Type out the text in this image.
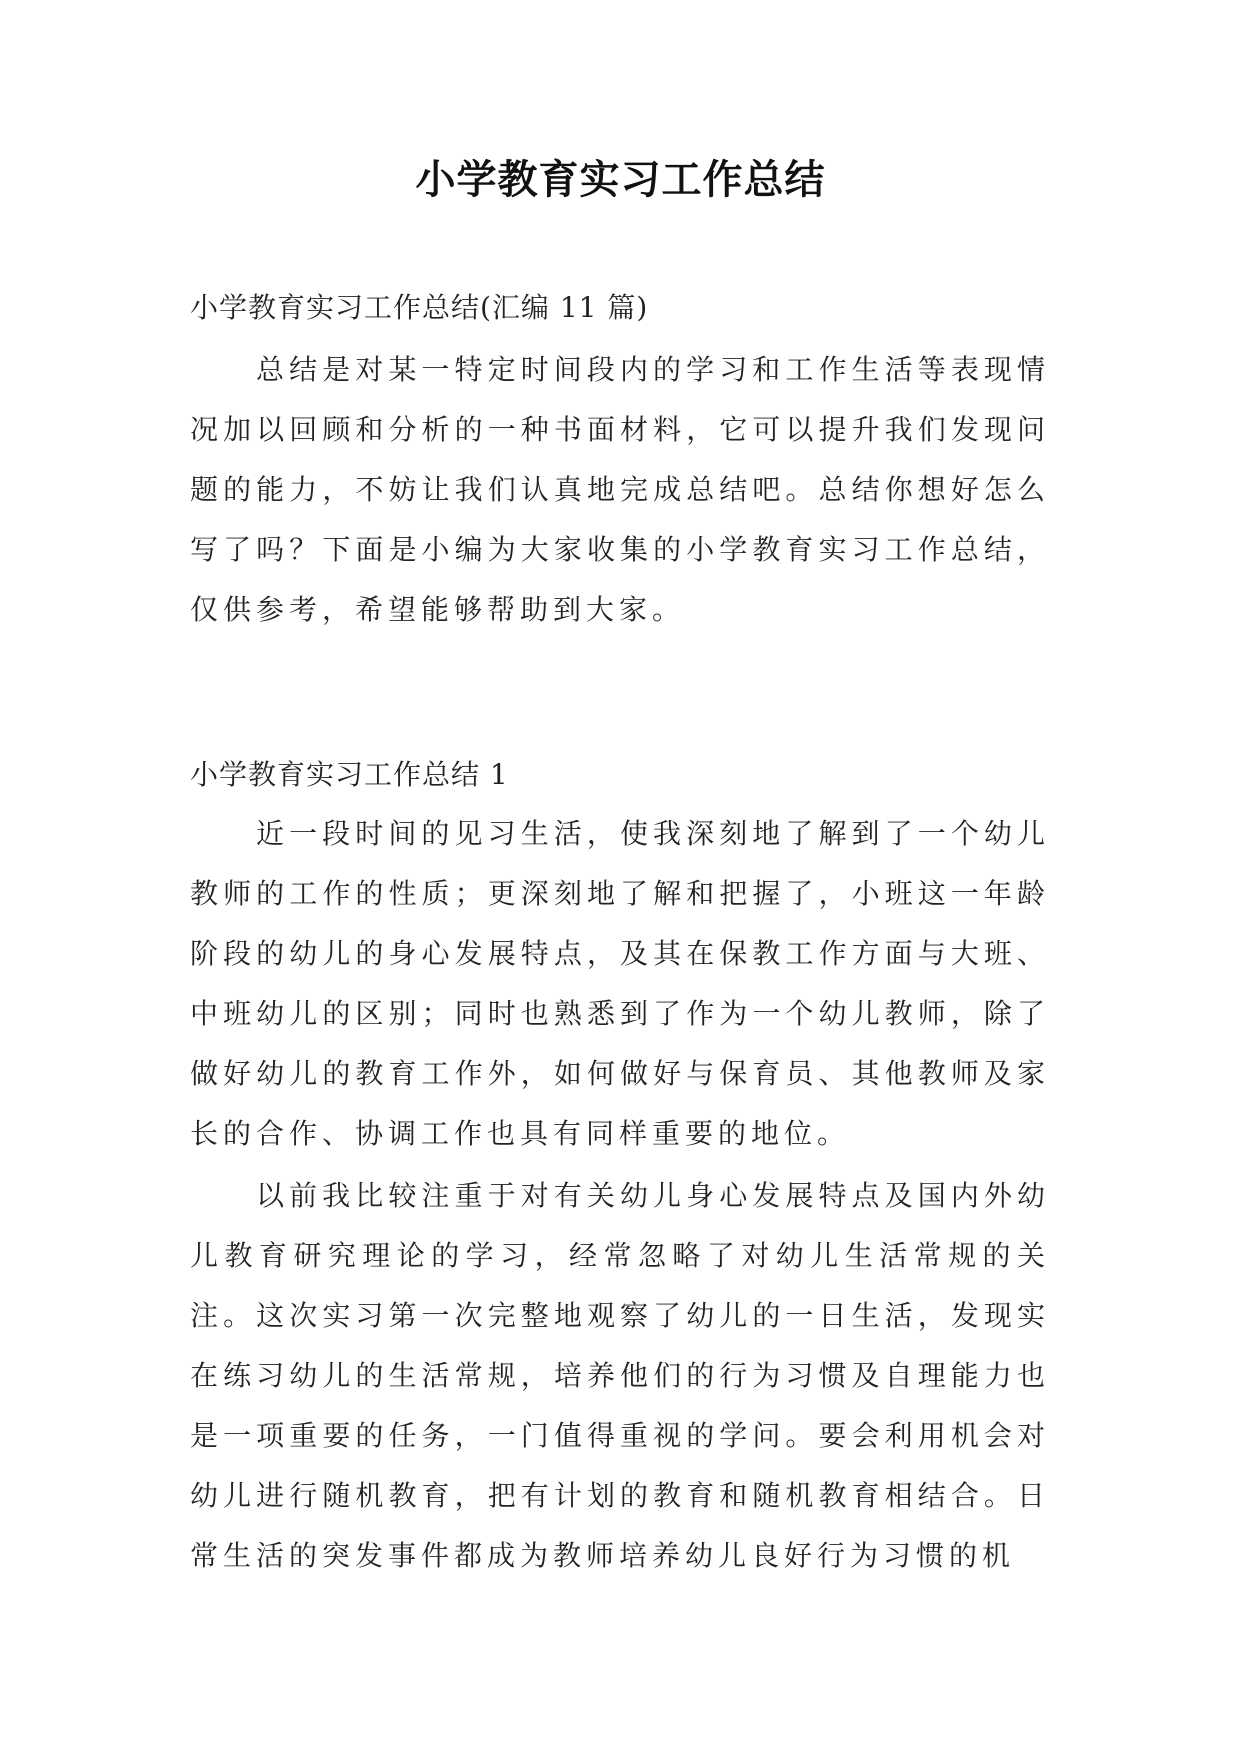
小学教育实习工作总结
小学教育实习工作总结(汇编 11 篇)

总结是对某一特定时间段内的学习和工作生活等表现情况加以回顾和分析的一种书面材料，它可以提升我们发现问题的能力，不妨让我们认真地完成总结吧。总结你想好怎么写了吗？下面是小编为大家收集的小学教育实习工作总结，仅供参考，希望能够帮助到大家。

小学教育实习工作总结 1

近一段时间的见习生活，使我深刻地了解到了一个幼儿教师的工作的性质；更深刻地了解和把握了，小班这一年龄阶段的幼儿的身心发展特点，及其在保教工作方面与大班、中班幼儿的区别；同时也熟悉到了作为一个幼儿教师，除了做好幼儿的教育工作外，如何做好与保育员、其他教师及家长的合作、协调工作也具有同样重要的地位。

以前我比较注重于对有关幼儿身心发展特点及国内外幼儿教育研究理论的学习，经常忽略了对幼儿生活常规的关注。这次实习第一次完整地观察了幼儿的一日生活，发现实在练习幼儿的生活常规，培养他们的行为习惯及自理能力也是一项重要的任务，一门值得重视的学问。要会利用机会对幼儿进行随机教育，把有计划的教育和随机教育相结合。日常生活的突发事件都成为教师培养幼儿良好行为习惯的机
